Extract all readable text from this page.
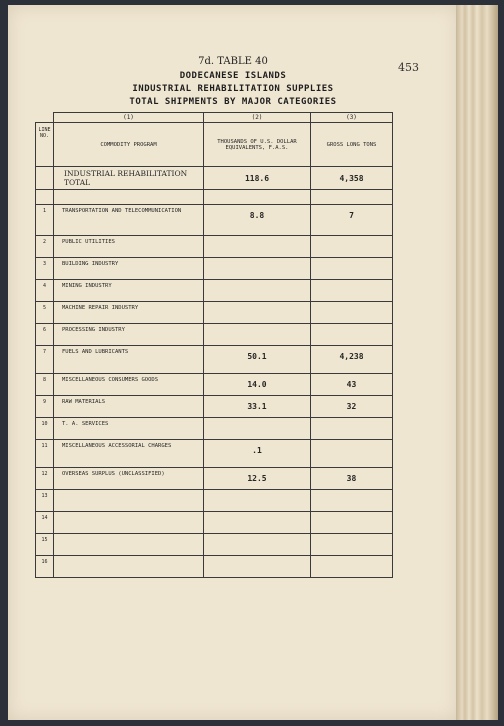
7d. TABLE 40
DODECANESE ISLANDS
INDUSTRIAL REHABILITATION SUPPLIES
TOTAL SHIPMENTS BY MAJOR CATEGORIES
453
	(1)	(2)	(3)
LINE NO.	COMMODITY PROGRAM	THOUSANDS OF U.S. DOLLAR EQUIVALENTS, F.A.S.	GROSS LONG TONS
	INDUSTRIAL REHABILITATION TOTAL	118.6	4,358

1	TRANSPORTATION AND TELECOMMUNICATION	8.8	7
2	PUBLIC UTILITIES		
3	BUILDING INDUSTRY		
4	MINING INDUSTRY		
5	MACHINE REPAIR INDUSTRY		
6	PROCESSING INDUSTRY		
7	FUELS AND LUBRICANTS	50.1	4,238
8	MISCELLANEOUS CONSUMERS GOODS	14.0	43
9	RAW MATERIALS	33.1	32
10	T. A. SERVICES		
11	MISCELLANEOUS ACCESSORIAL CHARGES	.1	
12	OVERSEAS SURPLUS (UNCLASSIFIED)	12.5	38
13			
14			
15			
16			
